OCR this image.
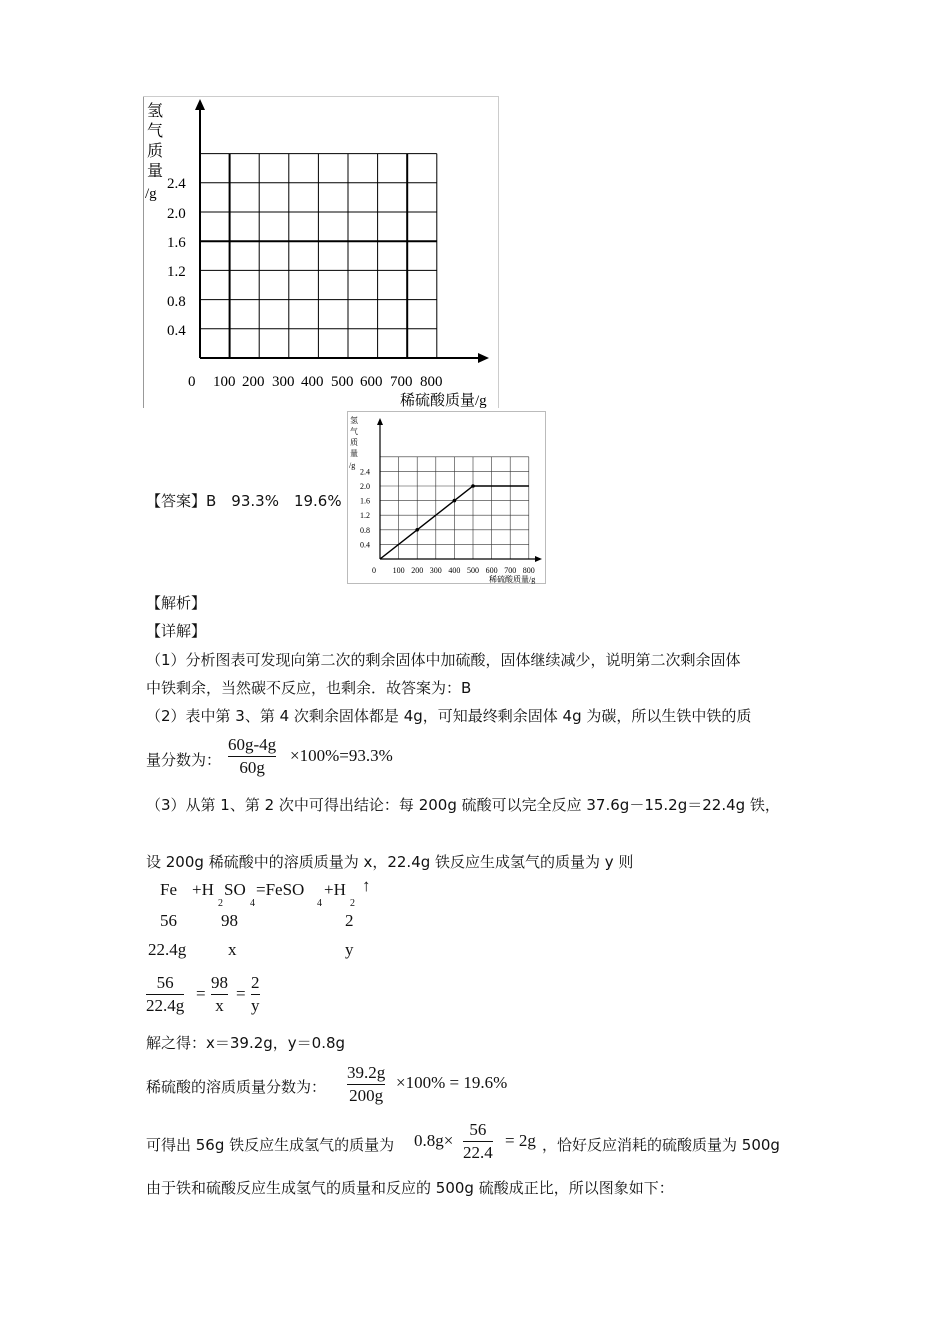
氢
气
质
量
/g
2.4
2.0
1.6
1.2
0.8
0.4
0 100 200 300 400 500 600 700 800
稀硫酸质量/g
【答案】B　93.3%　19.6%
氢
气
质
量
/g
2.4
2.0
1.6
1.2
0.8
0.4
0 100 200 300 400 500 600 700 800
稀硫酸质量/g
【解析】
【详解】
（1）分析图表可发现向第二次的剩余固体中加硫酸，固体继续减少，说明第二次剩余固体
中铁剩余，当然碳不反应，也剩余．故答案为：B
（2）表中第 3、第 4 次剩余固体都是 4g，可知最终剩余固体 4g 为碳，所以生铁中铁的质
量分数为：
60g-4g
60g
×100%=93.3%
（3）从第 1、第 2 次中可得出结论：每 200g 硫酸可以完全反应 37.6g－15.2g＝22.4g 铁，
设 200g 稀硫酸中的溶质质量为 x，22.4g 铁反应生成氢气的质量为 y 则
Fe +H
2
SO
4
=FeSO
4
+H
2
↑
56	98	2
22.4g x	y
56
22.4g
=
98
x
=
2
y
解之得：x＝39.2g，y＝0.8g
稀硫酸的溶质质量分数为：
39.2g
200g
×100% = 19.6%
可得出 56g 铁反应生成氢气的质量为 0.8g×
56
22.4
= 2g ，恰好反应消耗的硫酸质量为 500g
由于铁和硫酸反应生成氢气的质量和反应的 500g 硫酸成正比，所以图象如下：
